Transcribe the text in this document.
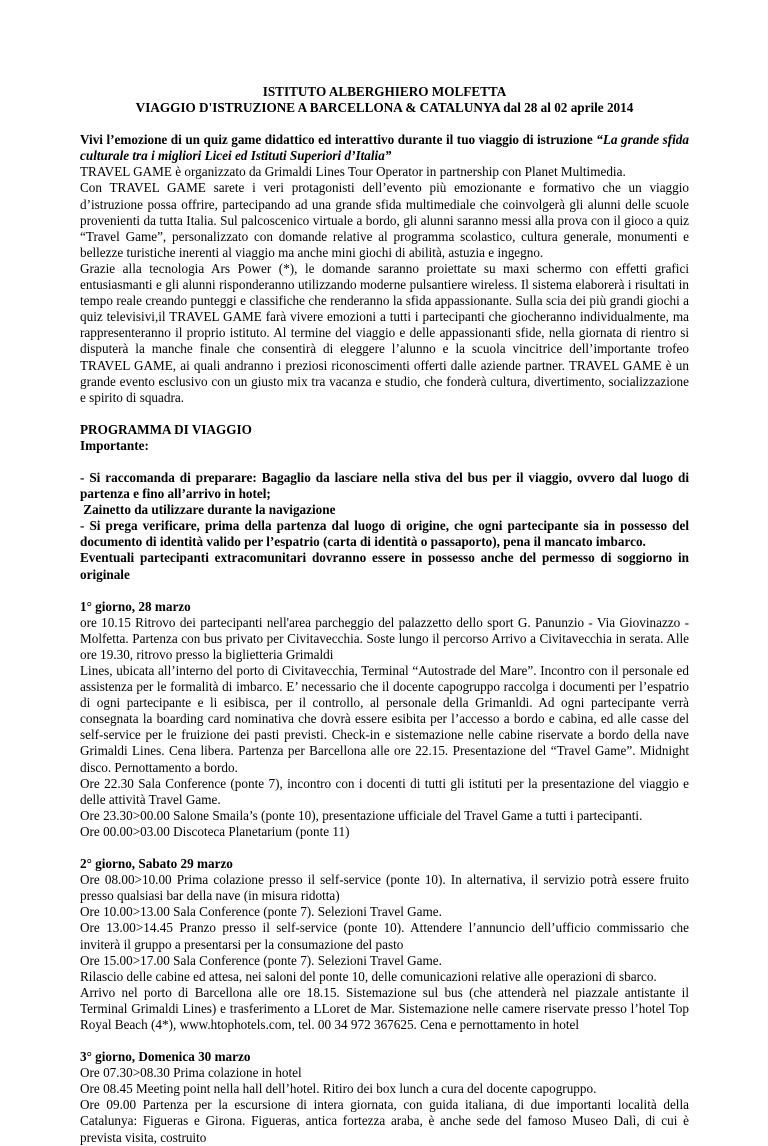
ISTITUTO ALBERGHIERO MOLFETTA
VIAGGIO D'ISTRUZIONE A BARCELLONA & CATALUNYA dal 28 al 02 aprile 2014

Vivi l’emozione di un quiz game didattico ed interattivo durante il tuo viaggio di istruzione “La grande sfida culturale tra i migliori Licei ed Istituti Superiori d’Italia”

TRAVEL GAME è organizzato da Grimaldi Lines Tour Operator in partnership con Planet Multimedia.

Con TRAVEL GAME sarete i veri protagonisti dell’evento più emozionante e formativo che un viaggio d’istruzione possa offrire, partecipando ad una grande sfida multimediale che coinvolgerà gli alunni delle scuole provenienti da tutta Italia. Sul palcoscenico virtuale a bordo, gli alunni saranno messi alla prova con il gioco a quiz “Travel Game”, personalizzato con domande relative al programma scolastico, cultura generale, monumenti e bellezze turistiche inerenti al viaggio ma anche mini giochi di abilità, astuzia e ingegno.

Grazie alla tecnologia Ars Power (*), le domande saranno proiettate su maxi schermo con effetti grafici entusiasmanti e gli alunni risponderanno utilizzando moderne pulsantiere wireless. Il sistema elaborerà i risultati in tempo reale creando punteggi e classifiche che renderanno la sfida appassionante. Sulla scia dei più grandi giochi a quiz televisivi,il TRAVEL GAME farà vivere emozioni a tutti i partecipanti che giocheranno individualmente, ma rappresenteranno il proprio istituto. Al termine del viaggio e delle appassionanti sfide, nella giornata di rientro si disputerà la manche finale che consentirà di eleggere l’alunno e la scuola vincitrice dell’importante trofeo TRAVEL GAME, ai quali andranno i preziosi riconoscimenti offerti dalle aziende partner. TRAVEL GAME è un grande evento esclusivo con un giusto mix tra vacanza e studio, che fonderà cultura, divertimento, socializzazione e spirito di squadra.

PROGRAMMA DI VIAGGIO
Importante:

- Si raccomanda di preparare: Bagaglio da lasciare nella stiva del bus per il viaggio, ovvero dal luogo di partenza e fino all’arrivo in hotel;

Zainetto da utilizzare durante la navigazione

- Si prega verificare, prima della partenza dal luogo di origine, che ogni partecipante sia in possesso del documento di identità valido per l’espatrio (carta di identità o passaporto), pena il mancato imbarco.

Eventuali partecipanti extracomunitari dovranno essere in possesso anche del permesso di soggiorno in originale

1° giorno, 28 marzo

ore 10.15 Ritrovo dei partecipanti nell'area parcheggio del palazzetto dello sport G. Panunzio - Via Giovinazzo - Molfetta. Partenza con bus privato per Civitavecchia. Soste lungo il percorso Arrivo a Civitavecchia in serata. Alle ore 19.30, ritrovo presso la biglietteria Grimaldi

Lines, ubicata all’interno del porto di Civitavecchia, Terminal “Autostrade del Mare”. Incontro con il personale ed assistenza per le formalità di imbarco. E’ necessario che il docente capogruppo raccolga i documenti per l’espatrio di ogni partecipante e li esibisca, per il controllo, al personale della Grimanldi. Ad ogni partecipante verrà consegnata la boarding card nominativa che dovrà essere esibita per l’accesso a bordo e cabina, ed alle casse del self-service per le fruizione dei pasti previsti. Check-in e sistemazione nelle cabine riservate a bordo della nave Grimaldi Lines. Cena libera. Partenza per Barcellona alle ore 22.15. Presentazione del “Travel Game”. Midnight disco. Pernottamento a bordo.

Ore 22.30 Sala Conference (ponte 7), incontro con i docenti di tutti gli istituti per la presentazione del viaggio e delle attività Travel Game.

Ore 23.30>00.00 Salone Smaila’s (ponte 10), presentazione ufficiale del Travel Game a tutti i partecipanti.

Ore 00.00>03.00 Discoteca Planetarium (ponte 11)

2° giorno, Sabato 29 marzo

Ore 08.00>10.00 Prima colazione presso il self-service (ponte 10). In alternativa, il servizio potrà essere fruito presso qualsiasi bar della nave (in misura ridotta)

Ore 10.00>13.00 Sala Conference (ponte 7). Selezioni Travel Game.

Ore 13.00>14.45 Pranzo presso il self-service (ponte 10). Attendere l’annuncio dell’ufficio commissario che inviterà il gruppo a presentarsi per la consumazione del pasto

Ore 15.00>17.00 Sala Conference (ponte 7). Selezioni Travel Game.

Rilascio delle cabine ed attesa, nei saloni del ponte 10, delle comunicazioni relative alle operazioni di sbarco.

Arrivo nel porto di Barcellona alle ore 18.15. Sistemazione sul bus (che attenderà nel piazzale antistante il Terminal Grimaldi Lines) e trasferimento a LLoret de Mar. Sistemazione nelle camere riservate presso l’hotel Top Royal Beach (4*), www.htophotels.com, tel. 00 34 972 367625. Cena e pernottamento in hotel

3° giorno, Domenica 30 marzo

Ore 07.30>08.30 Prima colazione in hotel

Ore 08.45 Meeting point nella hall dell’hotel. Ritiro dei box lunch a cura del docente capogruppo.

Ore 09.00 Partenza per la escursione di intera giornata, con guida italiana, di due importanti località della Catalunya: Figueras e Girona. Figueras, antica fortezza araba, è anche sede del famoso Museo Dalì, di cui è prevista visita, costruito
